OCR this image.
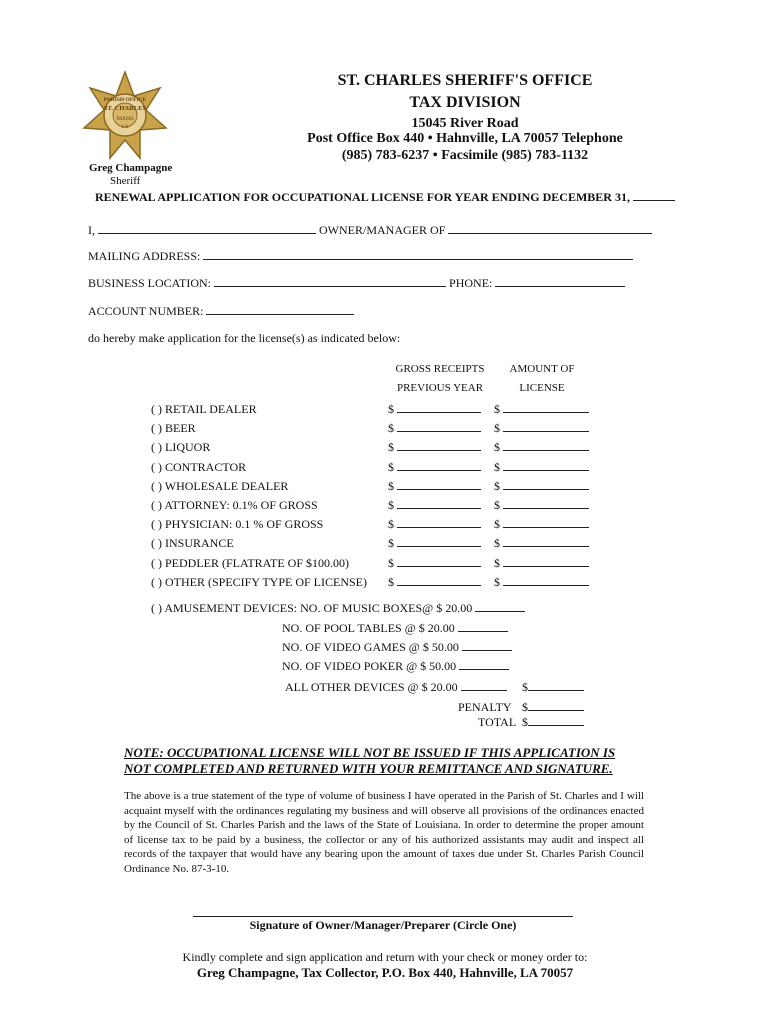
PARISH OFFICE
ST. CHARLES
PARISH
LA
Greg Champagne
Sheriff
ST. CHARLES SHERIFF'S OFFICE
TAX DIVISION
15045 River Road
Post Office Box 440 • Hahnville, LA 70057 Telephone
(985) 783-6237 • Facsimile (985) 783-1132
RENEWAL APPLICATION FOR OCCUPATIONAL LICENSE FOR YEAR ENDING DECEMBER 31,
I,	OWNER/MANAGER OF
MAILING ADDRESS:
BUSINESS LOCATION:	PHONE:
ACCOUNT NUMBER:
do hereby make application for the license(s) as indicated below:
GROSS RECEIPTS
PREVIOUS YEAR
AMOUNT OF
LICENSE
( ) RETAIL DEALER	$	$
( ) BEER	$	$
( ) LIQUOR	$	$
( ) CONTRACTOR	$	$
( ) WHOLESALE DEALER	$	$
( ) ATTORNEY: 0.1% OF GROSS	$	$
( ) PHYSICIAN: 0.1 % OF GROSS	$	$
( ) INSURANCE	$	$
( ) PEDDLER (FLATRATE OF $100.00)	$	$
( ) OTHER (SPECIFY TYPE OF LICENSE) $	$
( ) AMUSEMENT DEVICES: NO. OF MUSIC BOXES@ $ 20.00
NO. OF POOL TABLES @ $ 20.00
NO. OF VIDEO GAMES @ $ 50.00
NO. OF VIDEO POKER @ $ 50.00
ALL OTHER DEVICES @ $ 20.00	$
PENALTY $
TOTAL $
NOTE: OCCUPATIONAL LICENSE WILL NOT BE ISSUED IF THIS APPLICATION IS
NOT COMPLETED AND RETURNED WITH YOUR REMITTANCE AND SIGNATURE.
The above is a true statement of the type of volume of business I have operated in the Parish of St. Charles and I will acquaint myself with the ordinances regulating my business and will observe all provisions of the ordinances enacted by the Council of St. Charles Parish and the laws of the State of Louisiana. In order to determine the proper amount of license tax to be paid by a business, the collector or any of his authorized assistants may audit and inspect all records of the taxpayer that would have any bearing upon the amount of taxes due under St. Charles Parish Council Ordinance No. 87-3-10.
Signature of Owner/Manager/Preparer (Circle One)
Kindly complete and sign application and return with your check or money order to:
Greg Champagne, Tax Collector, P.O. Box 440, Hahnville, LA 70057
